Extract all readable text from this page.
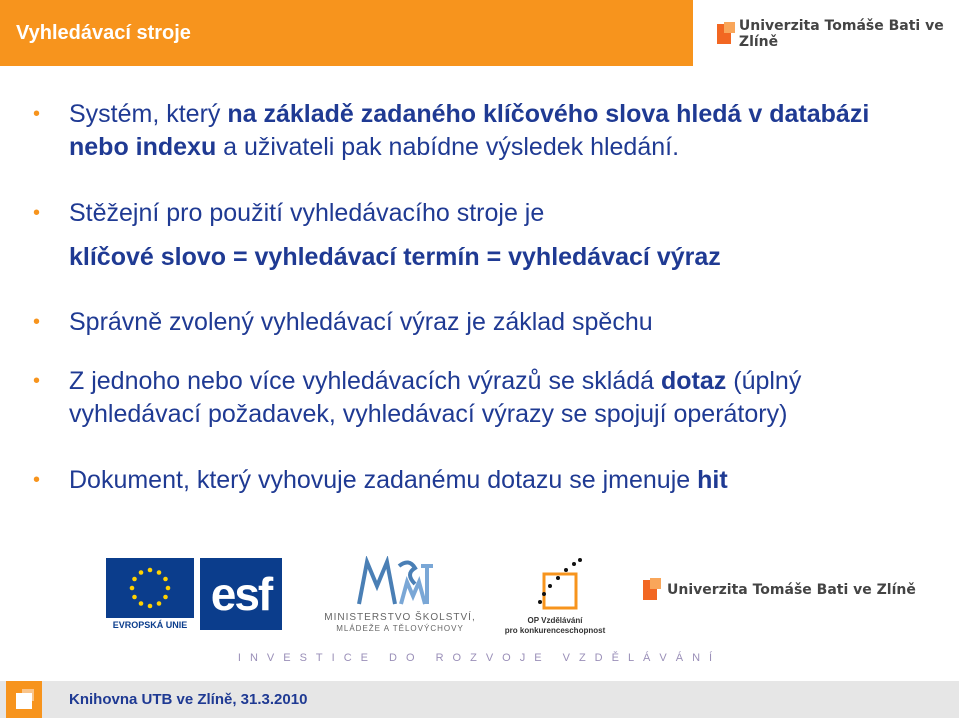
Vyhledávací stroje	Univerzita Tomáše Bati ve Zlíně
• Systém, který na základě zadaného klíčového slova hledá v databázi
nebo indexu a uživateli pak nabídne výsledek hledání.
• Stěžejní pro použití vyhledávacího stroje je
• Správně zvolený vyhledávací výraz je základ spěchu
• Z jednoho nebo více vyhledávacích výrazů se skládá dotaz (úplný
vyhledávací požadavek, vyhledávací výrazy se spojují operátory)
• Dokument, který vyhovuje zadanému dotazu se jmenuje hit
klíčové slovo = vyhledávací termín = vyhledávací výraz
EVROPSKÁ UNIE
esf	MINISTERSTVO ŠKOLSTVÍ,
MLÁDEŽE A TĚLOVÝCHOVY
OP Vzdělávání
pro konkurenceschopnost
Univerzita Tomáše Bati ve Zlíně
INVESTICE DO ROZVOJE VZDĚLÁVÁNÍ
Knihovna UTB ve Zlíně, 31.3.2010
